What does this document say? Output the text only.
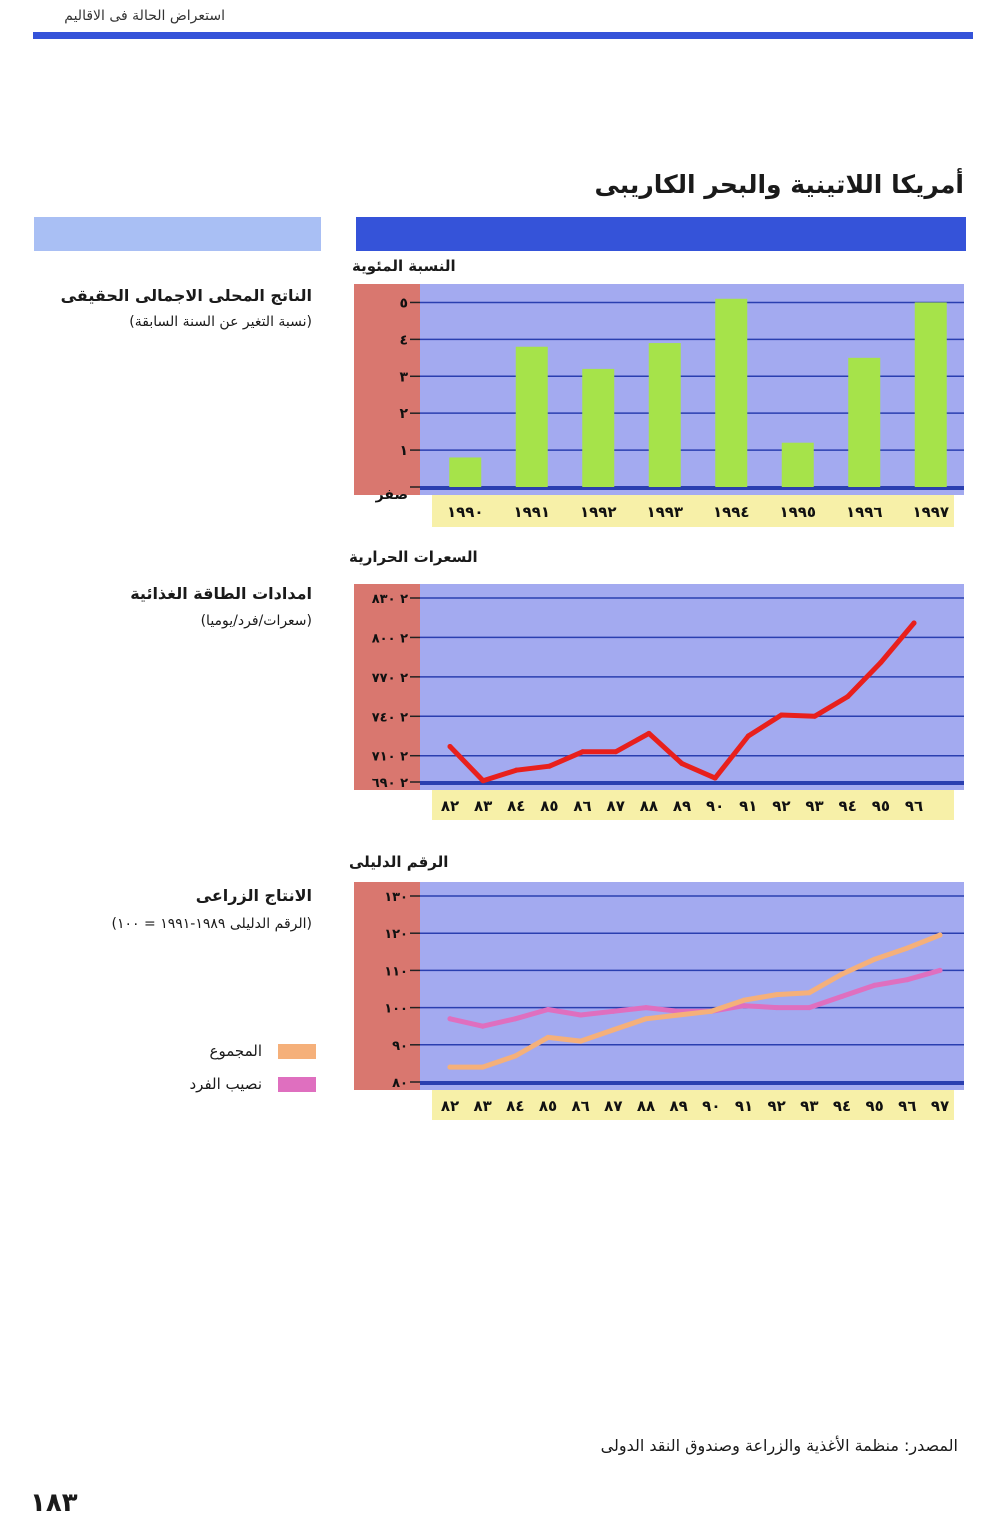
استعراض الحالة فى الاقاليم
أمريكا اللاتينية والبحر الكاريبى
النسبة المئوية
الناتج المحلى الاجمالى الحقيقى
(نسبة التغير عن السنة السابقة)
السعرات الحرارية
امدادات الطاقة الغذائية
(سعرات/فرد/يوميا)
الرقم الدليلى
الانتاج الزراعى
(الرقم الدليلى ١٩٨٩-١٩٩١ = ١٠٠)
المجموع
نصيب الفرد
صفر
١
٢
٣
٤
٥
١٩٩٠ ١٩٩١ ١٩٩٢ ١٩٩٣ ١٩٩٤ ١٩٩٥ ١٩٩٦ ١٩٩٧
٢ ٦٩٠
٢ ٧١٠
٢ ٧٤٠
٢ ٧٧٠
٢ ٨٠٠
٢ ٨٣٠
٨٢ ٨٣ ٨٤ ٨٥ ٨٦ ٨٧ ٨٨ ٨٩ ٩٠ ٩١ ٩٢ ٩٣ ٩٤ ٩٥ ٩٦
٨٠
٩٠
١٠٠
١١٠
١٢٠
١٣٠
٨٢ ٨٣ ٨٤ ٨٥ ٨٦ ٨٧ ٨٨ ٨٩ ٩٠ ٩١ ٩٢ ٩٣ ٩٤ ٩٥ ٩٦ ٩٧
المصدر: منظمة الأغذية والزراعة وصندوق النقد الدولى
١٨٣
